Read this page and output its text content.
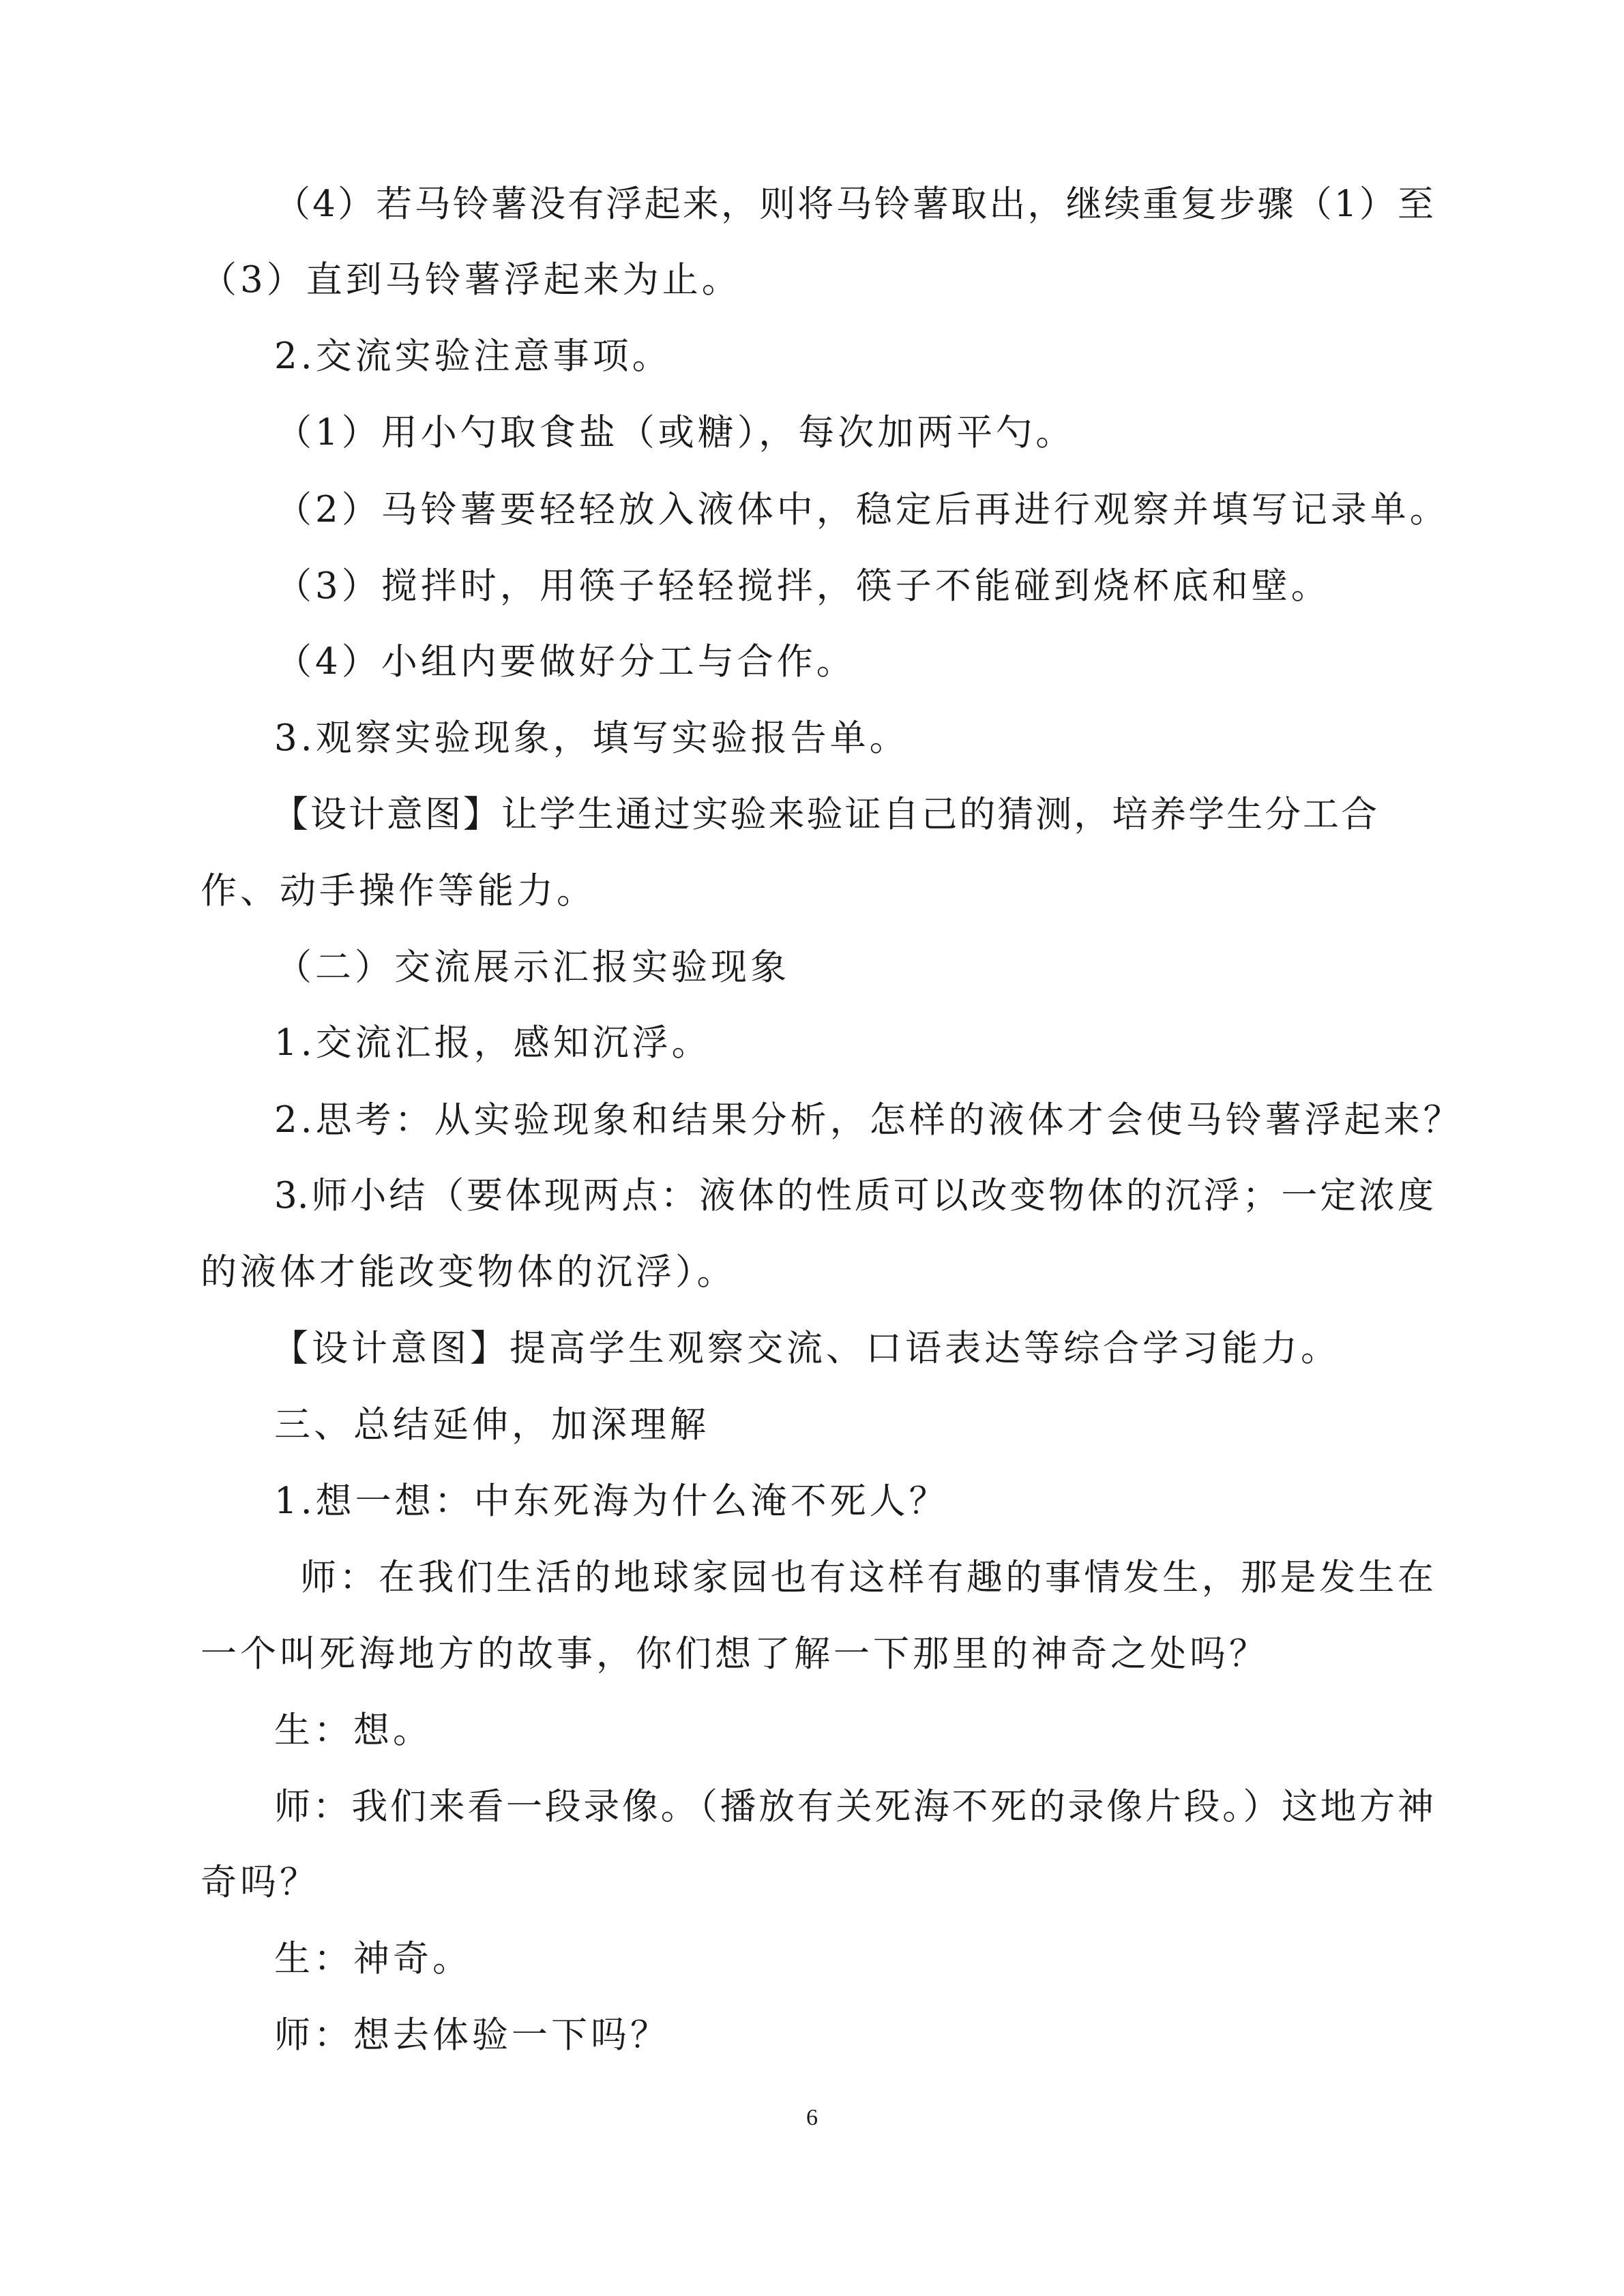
（4）若马铃薯没有浮起来，则将马铃薯取出，继续重复步骤（1）至
（3）直到马铃薯浮起来为止。
2.交流实验注意事项。
（1）用小勺取食盐（或糖），每次加两平勺。
（2）马铃薯要轻轻放入液体中，稳定后再进行观察并填写记录单。
（3）搅拌时，用筷子轻轻搅拌，筷子不能碰到烧杯底和壁。
（4）小组内要做好分工与合作。
3.观察实验现象，填写实验报告单。
【设计意图】让学生通过实验来验证自己的猜测，培养学生分工合
作、动手操作等能力。
（二）交流展示汇报实验现象
1.交流汇报，感知沉浮。
2.思考：从实验现象和结果分析，怎样的液体才会使马铃薯浮起来？
3.师小结（要体现两点：液体的性质可以改变物体的沉浮；一定浓度
的液体才能改变物体的沉浮）。
【设计意图】提高学生观察交流、口语表达等综合学习能力。
三、总结延伸，加深理解
1.想一想：中东死海为什么淹不死人？
师：在我们生活的地球家园也有这样有趣的事情发生，那是发生在
一个叫死海地方的故事，你们想了解一下那里的神奇之处吗？
生：想。
师：我们来看一段录像。（播放有关死海不死的录像片段。）这地方神
奇吗？
生：神奇。
师：想去体验一下吗？
6
